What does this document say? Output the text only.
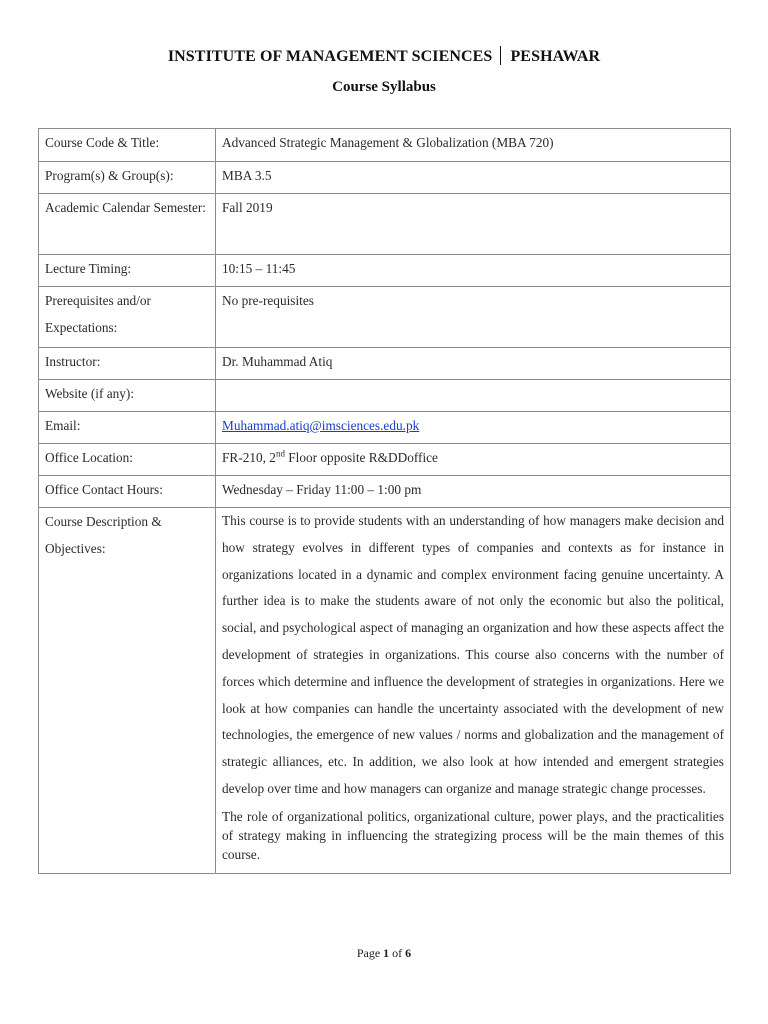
INSTITUTE OF MANAGEMENT SCIENCES PESHAWAR
Course Syllabus
Course Code & Title:	Advanced Strategic Management & Globalization (MBA 720)
Program(s) & Group(s):	MBA 3.5
Academic Calendar Semester:	Fall 2019
Lecture Timing:	10:15 – 11:45
Prerequisites and/or Expectations:	No pre-requisites
Instructor:	Dr. Muhammad Atiq
Website (if any):	
Email:	Muhammad.atiq@imsciences.edu.pk
Office Location:	FR-210, 2nd Floor opposite R&DDoffice
Office Contact Hours:	Wednesday – Friday 11:00 – 1:00 pm
Course Description & Objectives:	This course is to provide students with an understanding of how managers make decision and how strategy evolves in different types of companies and contexts as for instance in organizations located in a dynamic and complex environment facing genuine uncertainty. A further idea is to make the students aware of not only the economic but also the political, social, and psychological aspect of managing an organization and how these aspects affect the development of strategies in organizations. This course also concerns with the number of forces which determine and influence the development of strategies in organizations. Here we look at how companies can handle the uncertainty associated with the development of new technologies, the emergence of new values / norms and globalization and the management of strategic alliances, etc. In addition, we also look at how intended and emergent strategies develop over time and how managers can organize and manage strategic change processes.

The role of organizational politics, organizational culture, power plays, and the practicalities of strategy making in influencing the strategizing process will be the main themes of this course.

Page 1 of 6
